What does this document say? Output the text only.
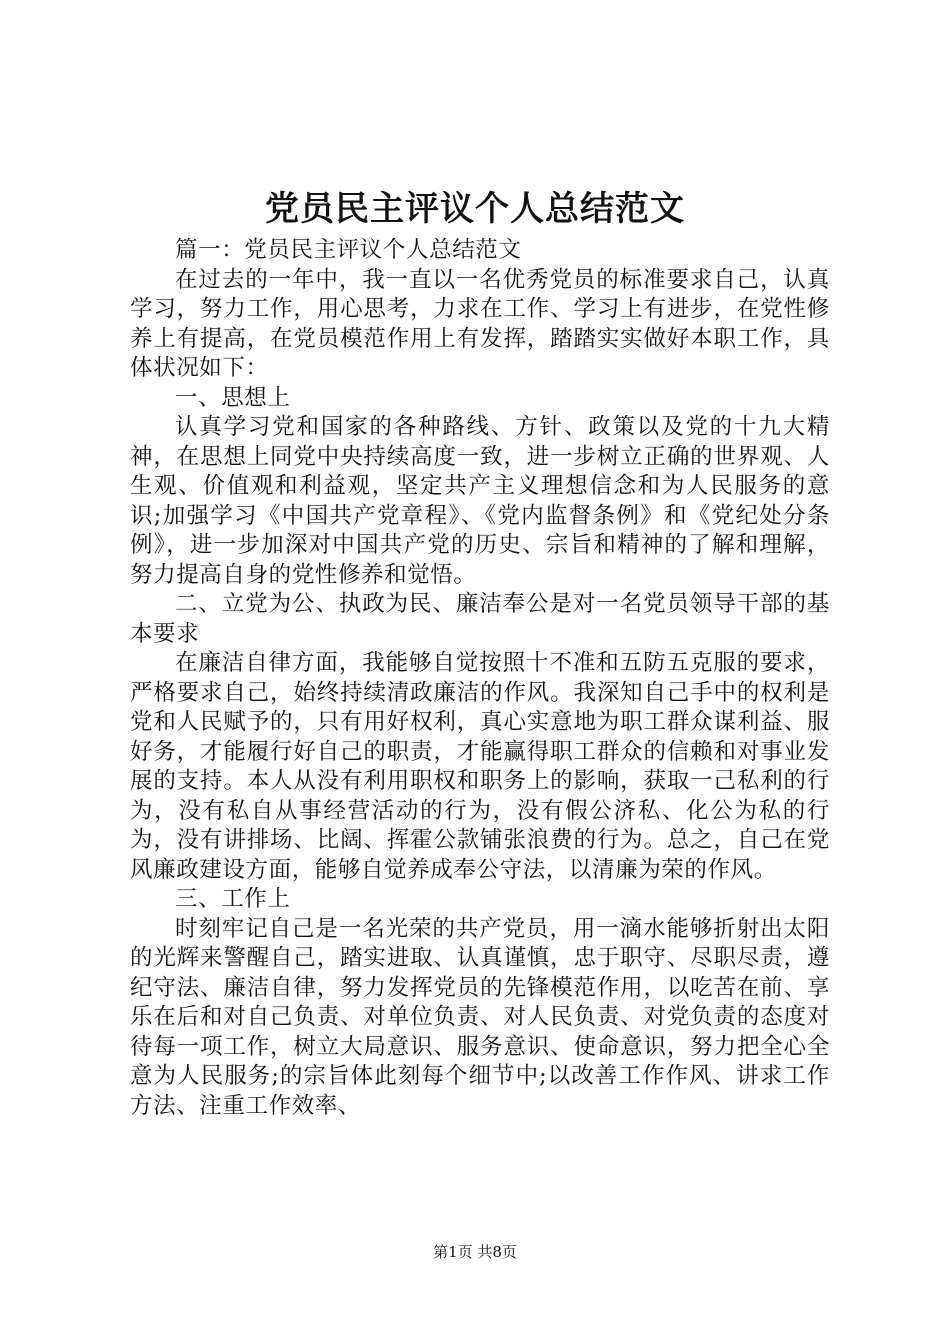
党员民主评议个人总结范文

篇一：党员民主评议个人总结范文

在过去的一年中，我一直以一名优秀党员的标准要求自己，认真学习，努力工作，用心思考，力求在工作、学习上有进步，在党性修养上有提高，在党员模范作用上有发挥，踏踏实实做好本职工作，具体状况如下：

一、思想上

认真学习党和国家的各种路线、方针、政策以及党的十九大精神，在思想上同党中央持续高度一致，进一步树立正确的世界观、人生观、价值观和利益观，坚定共产主义理想信念和为人民服务的意识;加强学习《中国共产党章程》、《党内监督条例》和《党纪处分条例》，进一步加深对中国共产党的历史、宗旨和精神的了解和理解，努力提高自身的党性修养和觉悟。

二、立党为公、执政为民、廉洁奉公是对一名党员领导干部的基本要求

在廉洁自律方面，我能够自觉按照十不准和五防五克服的要求，严格要求自己，始终持续清政廉洁的作风。我深知自己手中的权利是党和人民赋予的，只有用好权利，真心实意地为职工群众谋利益、服好务，才能履行好自己的职责，才能赢得职工群众的信赖和对事业发展的支持。本人从没有利用职权和职务上的影响，获取一己私利的行为，没有私自从事经营活动的行为，没有假公济私、化公为私的行为，没有讲排场、比阔、挥霍公款铺张浪费的行为。总之，自己在党风廉政建设方面，能够自觉养成奉公守法，以清廉为荣的作风。

三、工作上

时刻牢记自己是一名光荣的共产党员，用一滴水能够折射出太阳的光辉来警醒自己，踏实进取、认真谨慎，忠于职守、尽职尽责，遵纪守法、廉洁自律，努力发挥党员的先锋模范作用，以吃苦在前、享乐在后和对自己负责、对单位负责、对人民负责、对党负责的态度对待每一项工作，树立大局意识、服务意识、使命意识，努力把全心全意为人民服务;的宗旨体此刻每个细节中;以改善工作作风、讲求工作方法、注重工作效率、

第1页 共8页
